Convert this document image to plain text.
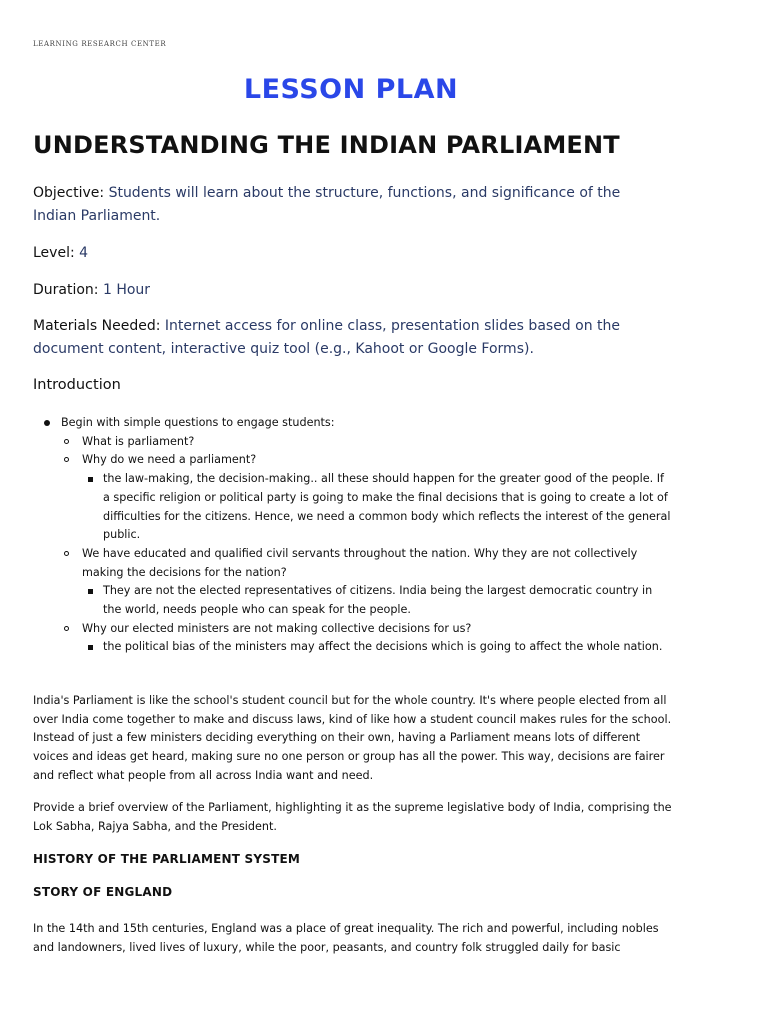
LEARNING RESEARCH CENTER
LESSON PLAN
UNDERSTANDING THE INDIAN PARLIAMENT
Objective: Students will learn about the structure, functions, and significance of the Indian Parliament.
Level: 4
Duration: 1 Hour
Materials Needed: Internet access for online class, presentation slides based on the document content, interactive quiz tool (e.g., Kahoot or Google Forms).
Introduction
Begin with simple questions to engage students:
What is parliament?
Why do we need a parliament?
the law-making, the decision-making.. all these should happen for the greater good of the people. If a specific religion or political party is going to make the final decisions that is going to create a lot of difficulties for the citizens. Hence, we need a common body which reflects the interest of the general public.
We have educated and qualified civil servants throughout the nation. Why they are not collectively making the decisions for the nation?
They are not the elected representatives of citizens. India being the largest democratic country in the world, needs people who can speak for the people.
Why our elected ministers are not making collective decisions for us?
the political bias of the ministers may affect the decisions which is going to affect the whole nation.
India's Parliament is like the school's student council but for the whole country. It's where people elected from all over India come together to make and discuss laws, kind of like how a student council makes rules for the school. Instead of just a few ministers deciding everything on their own, having a Parliament means lots of different voices and ideas get heard, making sure no one person or group has all the power. This way, decisions are fairer and reflect what people from all across India want and need.
Provide a brief overview of the Parliament, highlighting it as the supreme legislative body of India, comprising the Lok Sabha, Rajya Sabha, and the President.
HISTORY OF THE PARLIAMENT SYSTEM
STORY OF ENGLAND
In the 14th and 15th centuries, England was a place of great inequality. The rich and powerful, including nobles and landowners, lived lives of luxury, while the poor, peasants, and country folk struggled daily for basic
